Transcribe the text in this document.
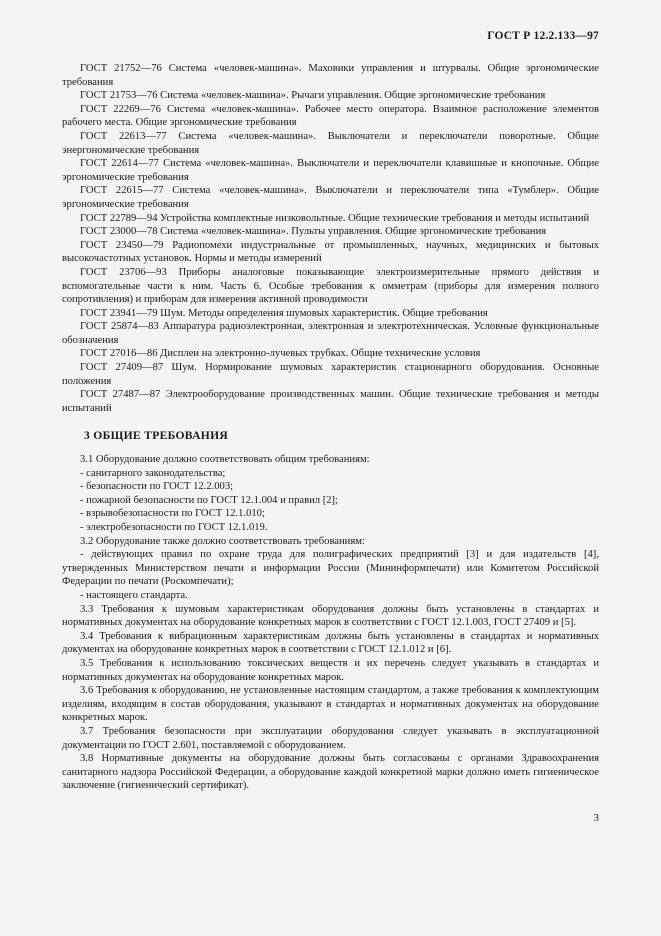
ГОСТ Р 12.2.133—97

ГОСТ 21752—76 Система «человек-машина». Маховики управления и штурвалы. Общие эргономические требования

ГОСТ 21753—76 Система «человек-машина». Рычаги управления. Общие эргономические требования

ГОСТ 22269—76 Система «человек-машина». Рабочее место оператора. Взаимное расположение элементов рабочего места. Общие эргономические требования

ГОСТ 22613—77 Система «человек-машина». Выключатели и переключатели поворотные. Общие энергономические требования

ГОСТ 22614—77 Система «человек-машина». Выключатели и переключатели клавишные и кнопочные. Общие эргономические требования

ГОСТ 22615—77 Система «человек-машина». Выключатели и переключатели типа «Тумблер». Общие эргономические требования

ГОСТ 22789—94 Устройства комплектные низковольтные. Общие технические требования и методы испытаний

ГОСТ 23000—78 Система «человек-машина». Пульты управления. Общие эргономические требования

ГОСТ 23450—79 Радиопомехи индустриальные от промышленных, научных, медицинских и бытовых высокочастотных установок. Нормы и методы измерений

ГОСТ 23706—93 Приборы аналоговые показывающие электроизмерительные прямого действия и вспомогательные части к ним. Часть 6. Особые требования к омметрам (приборы для измерения полного сопротивления) и приборам для измерения активной проводимости

ГОСТ 23941—79 Шум. Методы определения шумовых характеристик. Общие требования

ГОСТ 25874—83 Аппаратура радиоэлектронная, электронная и электротехническая. Условные функциональные обозначения

ГОСТ 27016—86 Дисплеи на электронно-лучевых трубках. Общие технические условия

ГОСТ 27409—87 Шум. Нормирование шумовых характеристик стационарного оборудования. Основные положения

ГОСТ 27487—87 Электрооборудование производственных машин. Общие технические требования и методы испытаний

3 ОБЩИЕ ТРЕБОВАНИЯ

3.1 Оборудование должно соответствовать общим требованиям:

- санитарного законодательства;

- безопасности по ГОСТ 12.2.003;

- пожарной безопасности по ГОСТ 12.1.004 и правил [2];

- взрывобезопасности по ГОСТ 12.1.010;

- электробезопасности по ГОСТ 12.1.019.

3.2 Оборудование также должно соответствовать требованиям:

- действующих правил по охране труда для полиграфических предприятий [3] и для издательств [4], утвержденных Министерством печати и информации России (Мининформпечати) или Комитетом Российской Федерации по печати (Роскомпечати);

- настоящего стандарта.

3.3 Требования к шумовым характеристикам оборудования должны быть установлены в стандартах и нормативных документах на оборудование конкретных марок в соответствии с ГОСТ 12.1.003, ГОСТ 27409 и [5].

3.4 Требования к вибрационным характеристикам должны быть установлены в стандартах и нормативных документах на оборудование конкретных марок в соответствии с ГОСТ 12.1.012 и [6].

3.5 Требования к использованию токсических веществ и их перечень следует указывать в стандартах и нормативных документах на оборудование конкретных марок.

3.6 Требования к оборудованию, не установленные настоящим стандартом, а также требования к комплектующим изделиям, входящим в состав оборудования, указывают в стандартах и нормативных документах на оборудование конкретных марок.

3.7 Требования безопасности при эксплуатации оборудования следует указывать в эксплуатационной документации по ГОСТ 2.601, поставляемой с оборудованием.

3.8 Нормативные документы на оборудование должны быть согласованы с органами Здравоохранения санитарного надзора Российской Федерации, а оборудование каждой конкретной марки должно иметь гигиеническое заключение (гигиенический сертификат).

3
